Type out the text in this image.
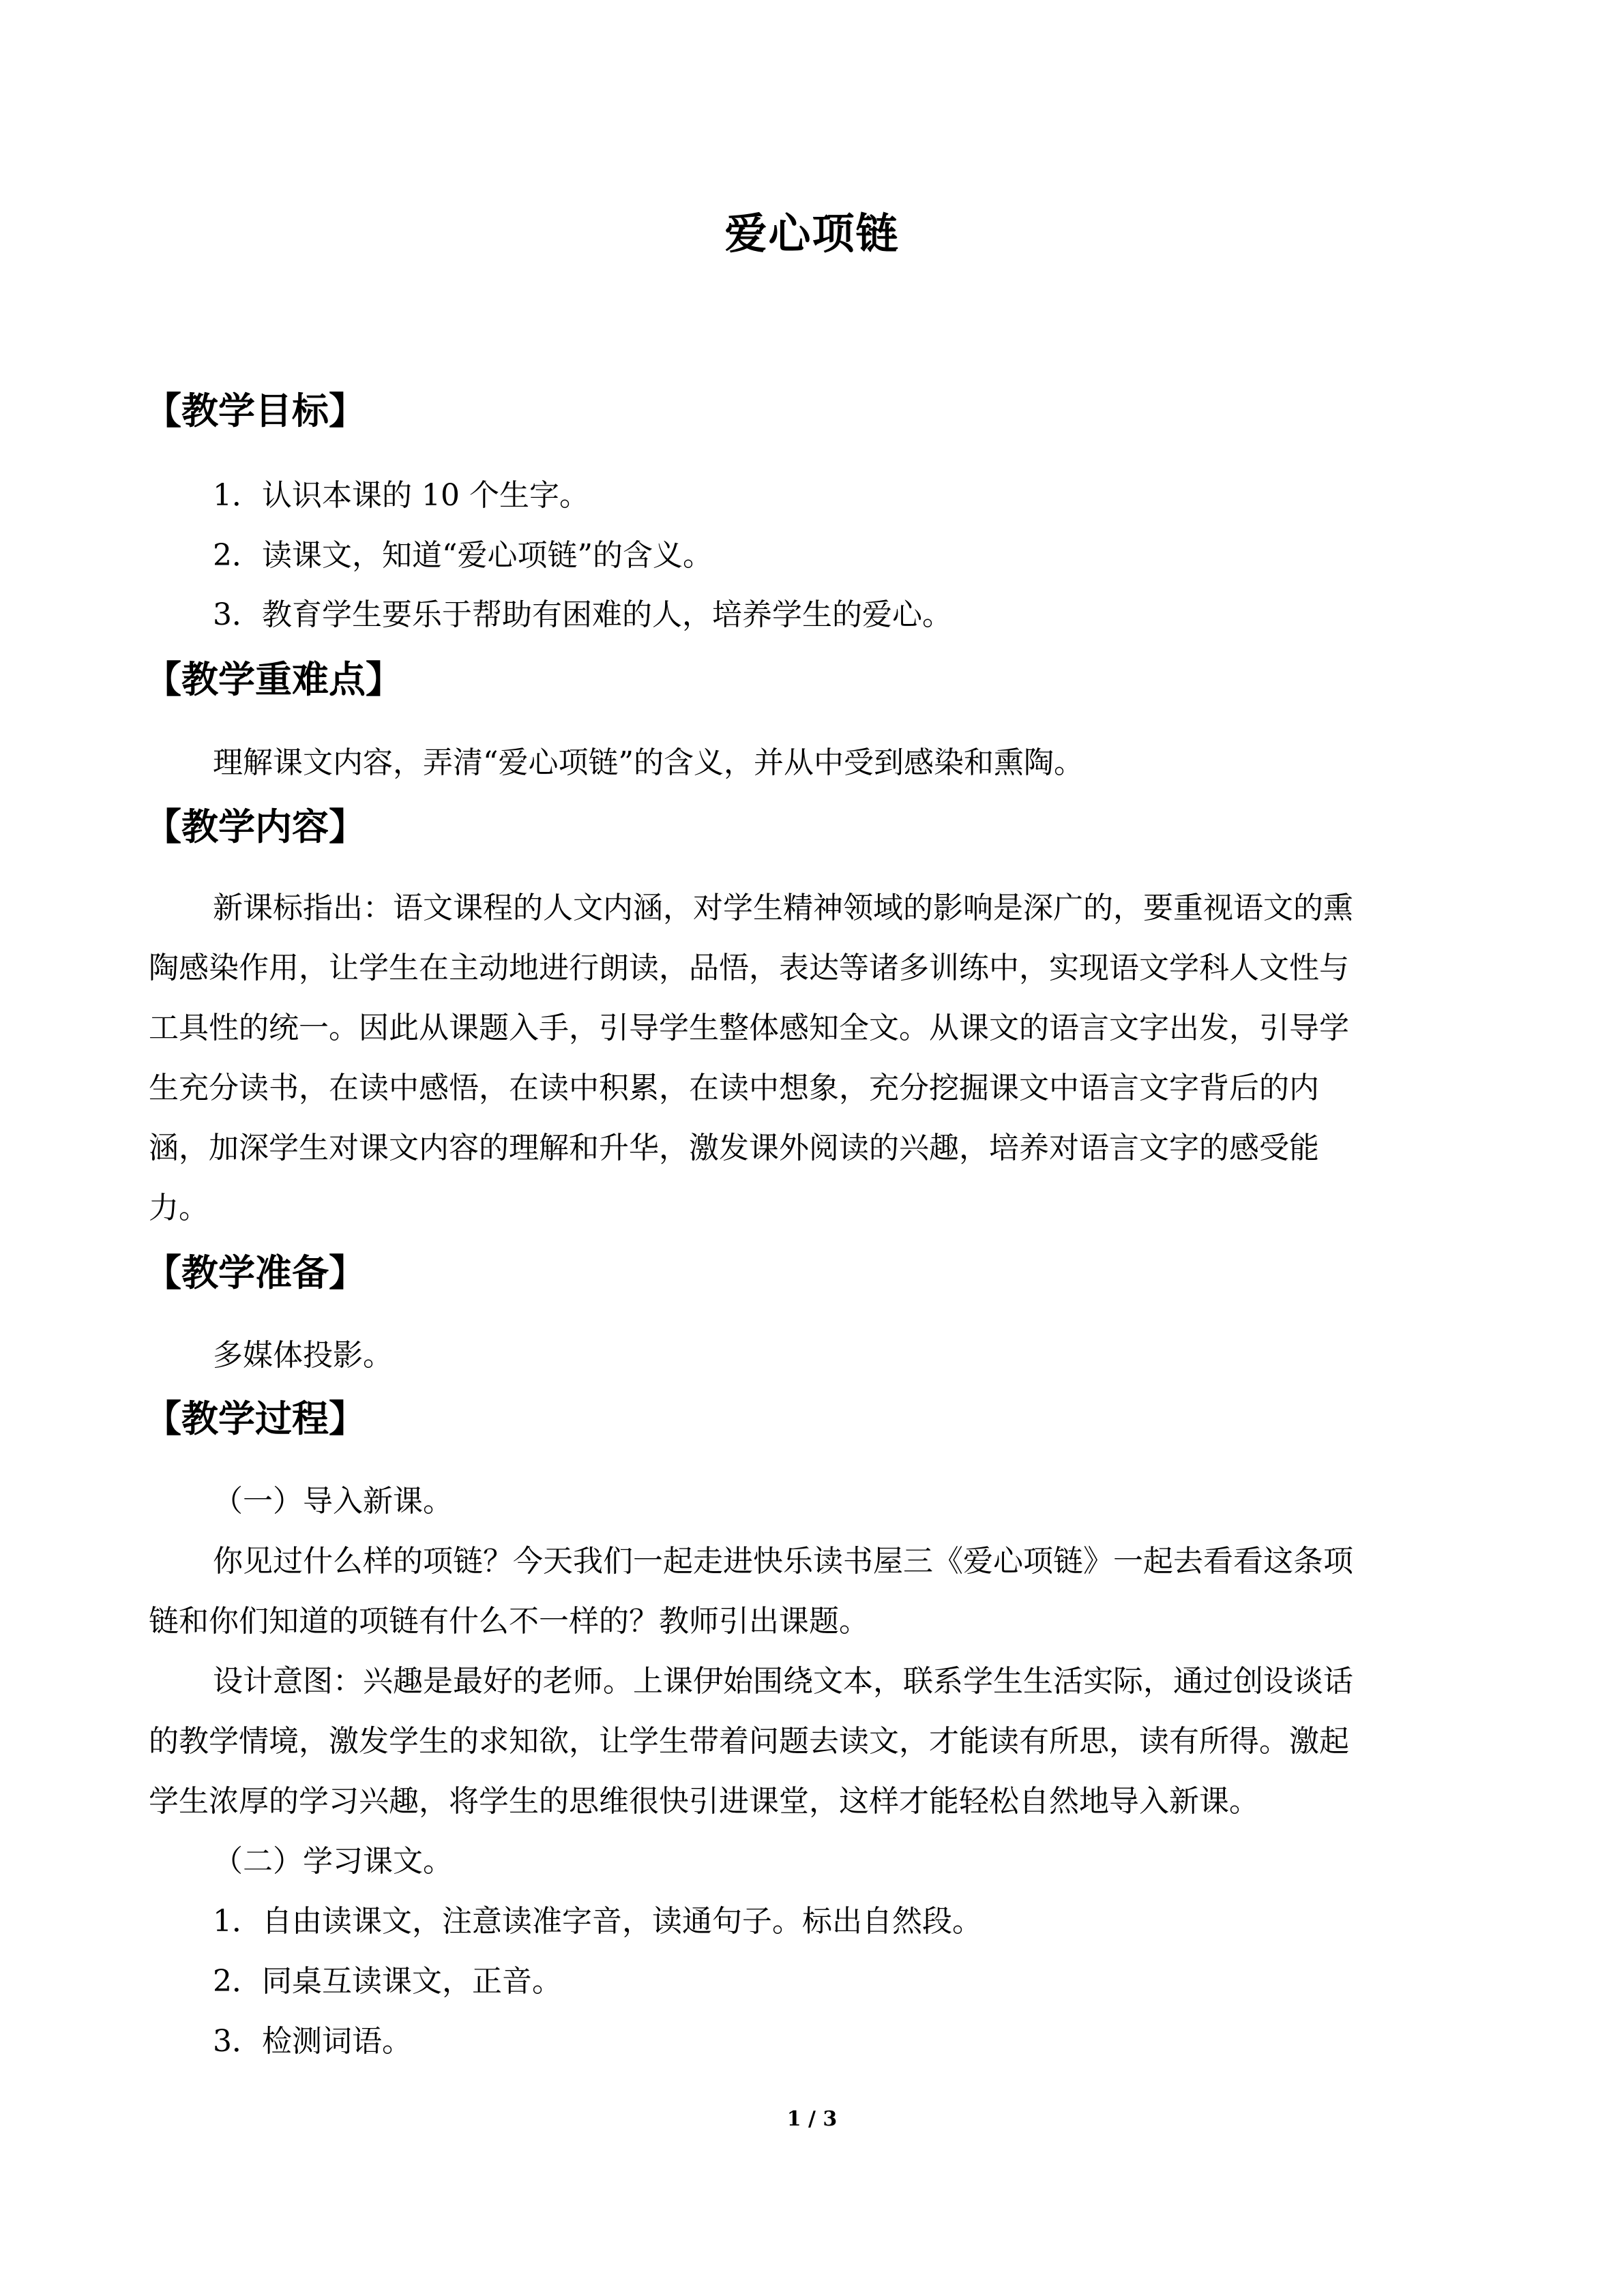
爱心项链
【教学目标】
1．认识本课的 10 个生字。
2．读课文，知道“爱心项链”的含义。
3．教育学生要乐于帮助有困难的人，培养学生的爱心。
【教学重难点】
理解课文内容，弄清“爱心项链”的含义，并从中受到感染和熏陶。
【教学内容】
新课标指出：语文课程的人文内涵，对学生精神领域的影响是深广的，要重视语文的熏
陶感染作用，让学生在主动地进行朗读，品悟，表达等诸多训练中，实现语文学科人文性与
工具性的统一。因此从课题入手，引导学生整体感知全文。从课文的语言文字出发，引导学
生充分读书，在读中感悟，在读中积累，在读中想象，充分挖掘课文中语言文字背后的内
涵，加深学生对课文内容的理解和升华，激发课外阅读的兴趣，培养对语言文字的感受能
力。
【教学准备】
多媒体投影。
【教学过程】
（一）导入新课。
你见过什么样的项链？今天我们一起走进快乐读书屋三《爱心项链》一起去看看这条项
链和你们知道的项链有什么不一样的？教师引出课题。
设计意图：兴趣是最好的老师。上课伊始围绕文本，联系学生生活实际，通过创设谈话
的教学情境，激发学生的求知欲，让学生带着问题去读文，才能读有所思，读有所得。激起
学生浓厚的学习兴趣，将学生的思维很快引进课堂，这样才能轻松自然地导入新课。
（二）学习课文。
1．自由读课文，注意读准字音，读通句子。标出自然段。
2．同桌互读课文，正音。
3．检测词语。
1 / 3
